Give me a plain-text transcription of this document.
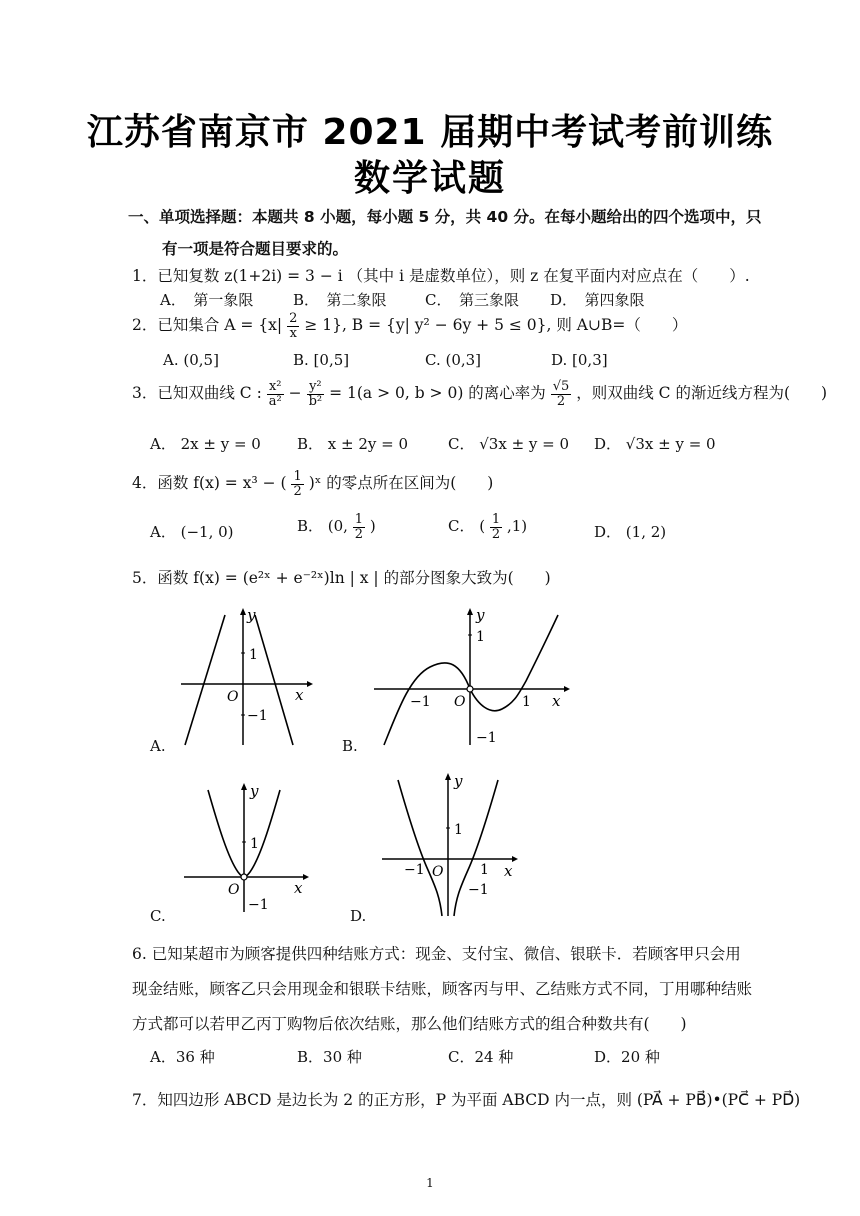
江苏省南京市 2021 届期中考试考前训练
数学试题
一、单项选择题：本题共 8 小题，每小题 5 分，共 40 分。在每小题给出的四个选项中，只
有一项是符合题目要求的。
1．已知复数 z(1+2i) = 3 − i （其中 i 是虚数单位），则 z 在复平面内对应点在（　　）.
A．　第一象限	B．　第二象限	C．　第三象限 D．　第四象限
2．已知集合 $A = \{x| \frac{2}{x} \ge 1\}$, B = {y| y² − 6y + 5 ≤ 0}, 则 A∪B=（　　）
A. (0,5]	B. [0,5]	C. (0,3]	D. [0,3]
3．已知双曲线 C : $\frac{\text{x²}}{\text{a²}} - \frac{\text{y²}}{\text{b²}} = 1(a > 0$, b > 0) 的离心率为 $\frac{√5}{2}$ ，则双曲线 C 的渐近线方程为(　　)
A． 2x ± y = 0 B． x ± 2y = 0	C． √3x ± y = 0 D． √3x ± y = 0
4．函数 f(x) = x³ − ( $\frac{1}{2}$ )ˣ 的零点所在区间为(　　)
A． (−1, 0)	B． (0, $\frac{1}{2}$ )	C． ( $\frac{1}{2} ,1$)	D． (1, 2)
5．函数 f(x) = (e²ˣ + e⁻²ˣ)ln | x | 的部分图象大致为(　　)
y
x
O
1
−1
A.
y
x
O
1
−1
−1	1
B.
y
x
O
1
−1
C.
y
x
O
1
−1
−1	1
D.
6. 已知某超市为顾客提供四种结账方式：现金、支付宝、微信、银联卡．若顾客甲只会用
现金结账，顾客乙只会用现金和银联卡结账，顾客丙与甲、乙结账方式不同，丁用哪种结账
方式都可以若甲乙丙丁购物后依次结账，那么他们结账方式的组合种数共有(　　)
A．36 种	B．30 种	C．24 种	D．20 种
7．知四边形 ABCD 是边长为 2 的正方形，P 为平面 ABCD 内一点，则 (PA⃗ + PB⃗)•(PC⃗ + PD⃗)
1
